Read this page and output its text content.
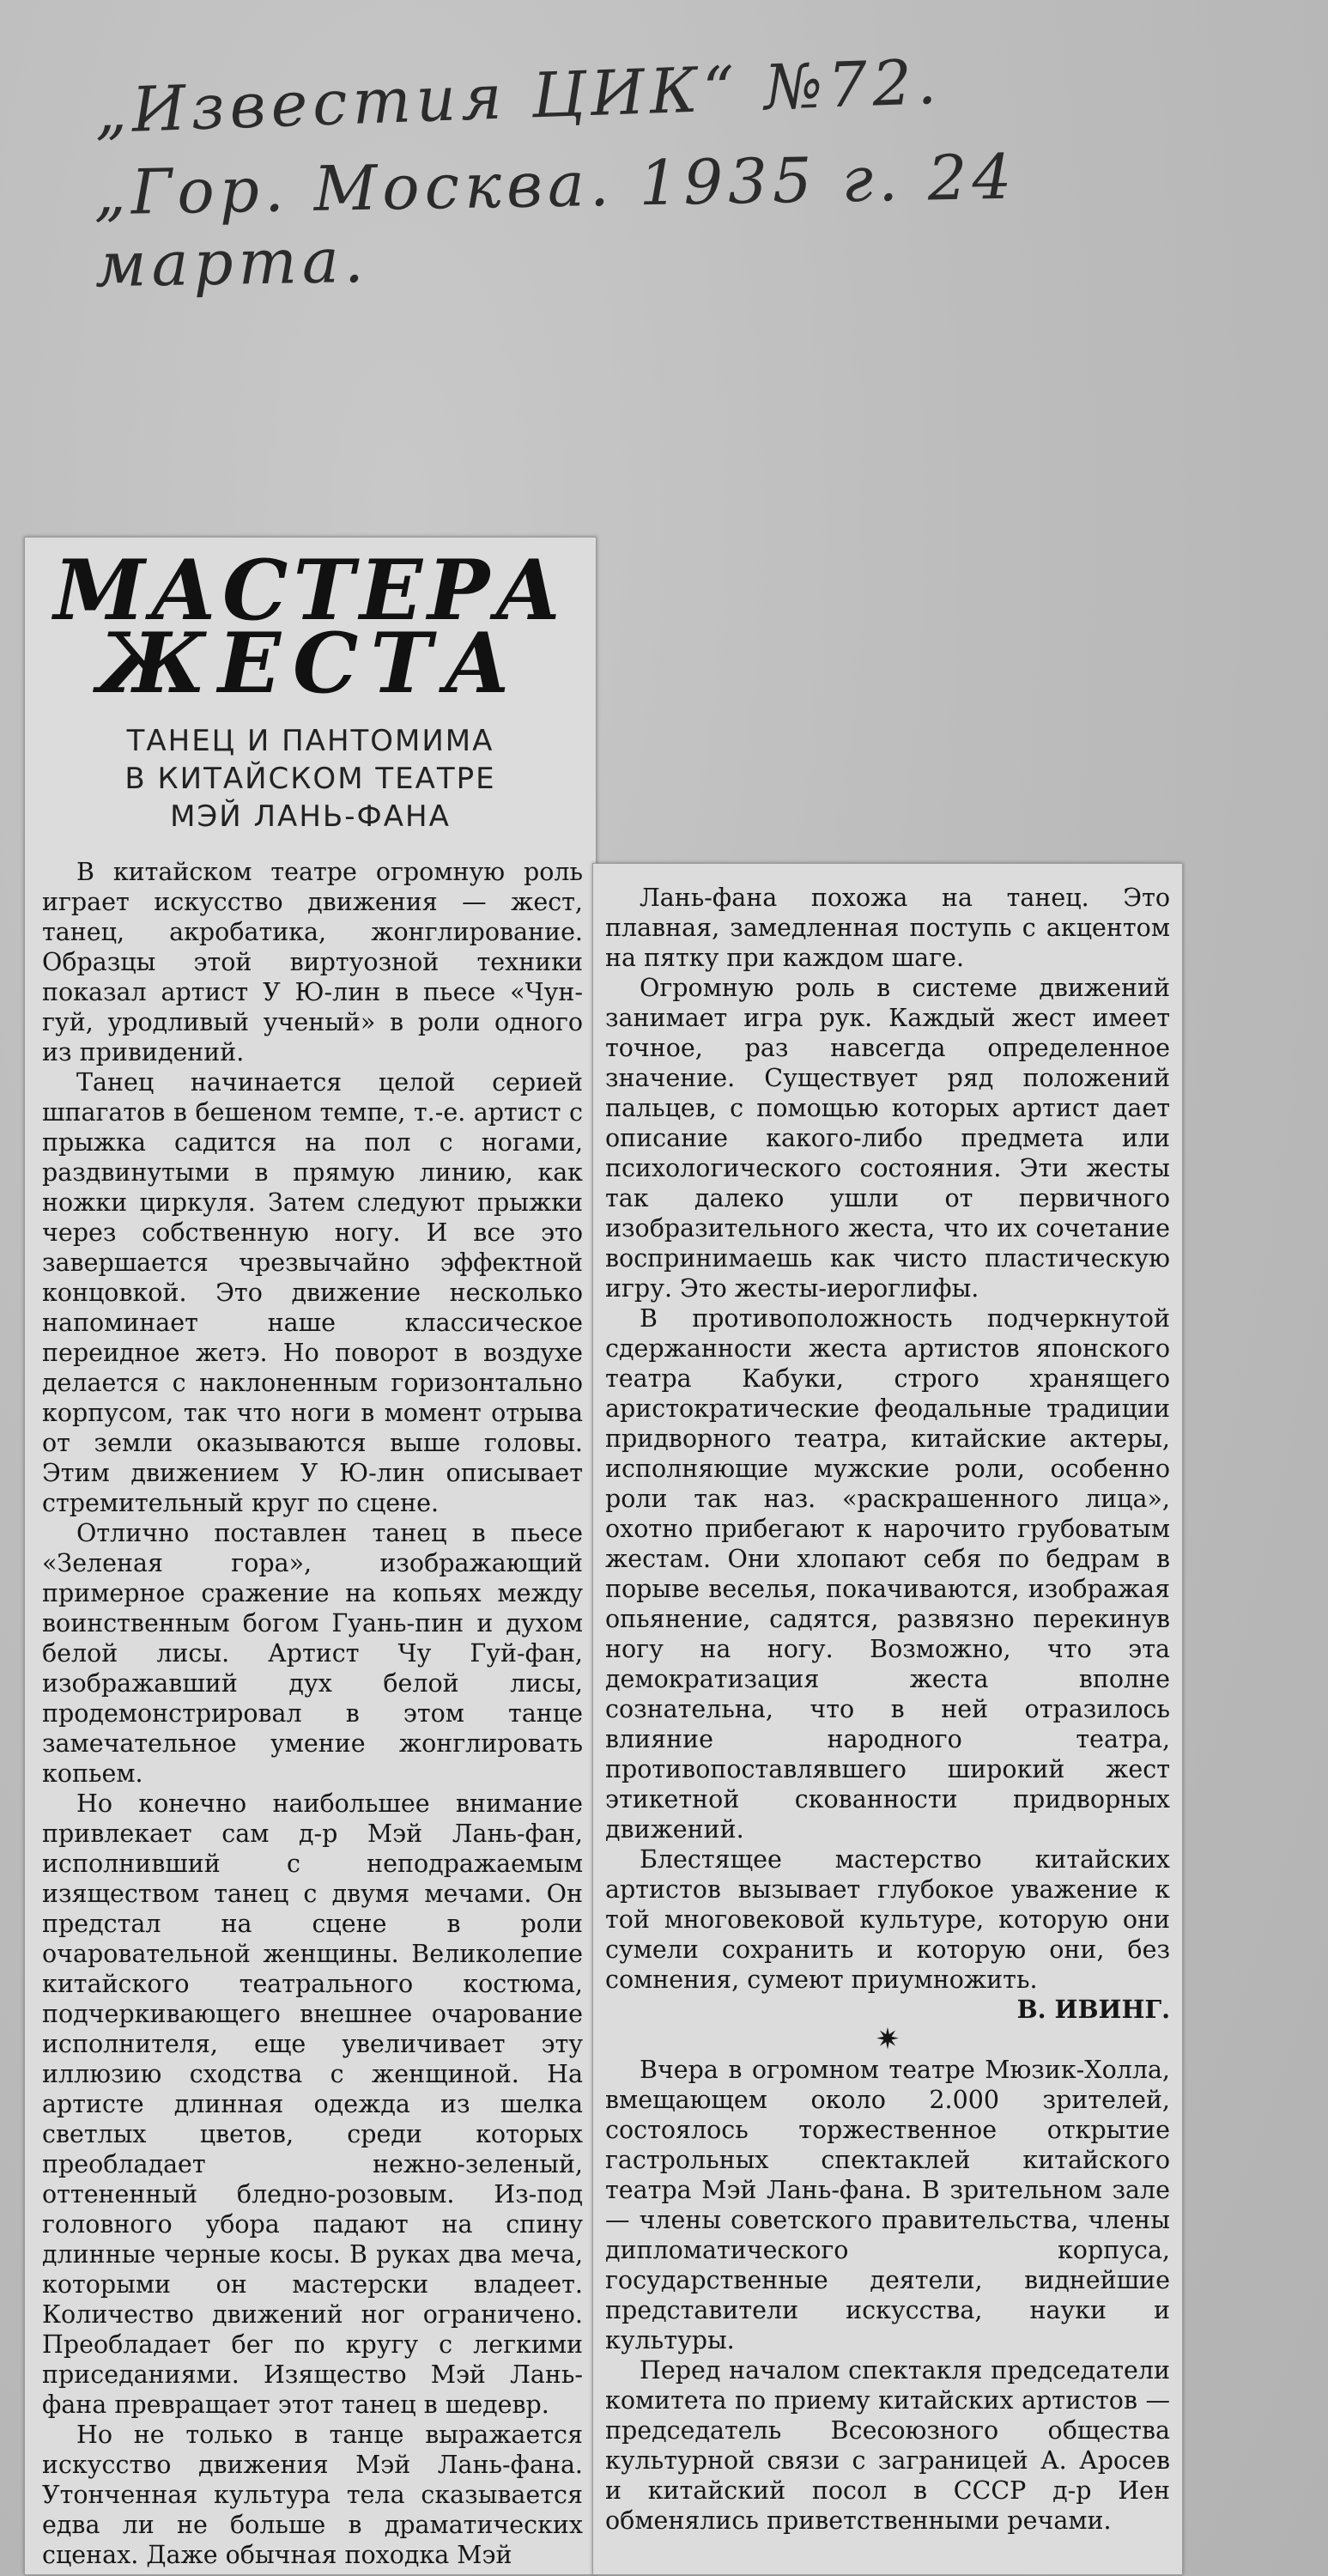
„Известия ЦИК“ №72.
„Гор. Москва. 1935 г. 24 марта.
МАСТЕРА
ЖЕСТА
ТАНЕЦ И ПАНТОМИМА
В КИТАЙСКОМ ТЕАТРЕ
МЭЙ ЛАНЬ-ФАНА

В китайском театре огромную роль играет искусство движения — жест, танец, акробатика, жонглирование. Образцы этой виртуозной техники показал артист У Ю-лин в пьесе «Чун-гуй, уродливый ученый» в роли одного из привидений.

Танец начинается целой серией шпагатов в бешеном темпе, т.-е. артист с прыжка садится на пол с ногами, раздвинутыми в прямую линию, как ножки циркуля. Затем следуют прыжки через собственную ногу. И все это завершается чрезвычайно эффектной концовкой. Это движение несколько напоминает наше классическое переидное жетэ. Но поворот в воздухе делается с наклоненным горизонтально корпусом, так что ноги в момент отрыва от земли оказываются выше головы. Этим движением У Ю-лин описывает стремительный круг по сцене.

Отлично поставлен танец в пьесе «Зеленая гора», изображающий примерное сражение на копьях между воинственным богом Гуань-пин и духом белой лисы. Артист Чу Гуй-фан, изображавший дух белой лисы, продемонстрировал в этом танце замечательное умение жонглировать копьем.

Но конечно наибольшее внимание привлекает сам д-р Мэй Лань-фан, исполнивший с неподражаемым изяществом танец с двумя мечами. Он предстал на сцене в роли очаровательной женщины. Великолепие китайского театрального костюма, подчеркивающего внешнее очарование исполнителя, еще увеличивает эту иллюзию сходства с женщиной. На артисте длинная одежда из шелка светлых цветов, среди которых преобладает нежно-зеленый, оттененный бледно-розовым. Из-под головного убора падают на спину длинные черные косы. В руках два меча, которыми он мастерски владеет. Количество движений ног ограничено. Преобладает бег по кругу с легкими приседаниями. Изящество Мэй Лань-фана превращает этот танец в шедевр.

Но не только в танце выражается искусство движения Мэй Лань-фана. Утонченная культура тела сказывается едва ли не больше в драматических сценах. Даже обычная походка Мэй

Лань-фана похожа на танец. Это плавная, замедленная поступь с акцентом на пятку при каждом шаге.

Огромную роль в системе движений занимает игра рук. Каждый жест имеет точное, раз навсегда определенное значение. Существует ряд положений пальцев, с помощью которых артист дает описание какого-либо предмета или психологического состояния. Эти жесты так далеко ушли от первичного изобразительного жеста, что их сочетание воспринимаешь как чисто пластическую игру. Это жесты-иероглифы.

В противоположность подчеркнутой сдержанности жеста артистов японского театра Кабуки, строго хранящего аристократические феодальные традиции придворного театра, китайские актеры, исполняющие мужские роли, особенно роли так наз. «раскрашенного лица», охотно прибегают к нарочито грубоватым жестам. Они хлопают себя по бедрам в порыве веселья, покачиваются, изображая опьянение, садятся, развязно перекинув ногу на ногу. Возможно, что эта демократизация жеста вполне сознательна, что в ней отразилось влияние народного театра, противопоставлявшего широкий жест этикетной скованности придворных движений.

Блестящее мастерство китайских артистов вызывает глубокое уважение к той многовековой культуре, которую они сумели сохранить и которую они, без сомнения, сумеют приумножить.

В. ИВИНГ.

✷

Вчера в огромном театре Мюзик-Холла, вмещающем около 2.000 зрителей, состоялось торжественное открытие гастрольных спектаклей китайского театра Мэй Лань-фана. В зрительном зале — члены советского правительства, члены дипломатического корпуса, государственные деятели, виднейшие представители искусства, науки и культуры.

Перед началом спектакля председатели комитета по приему китайских артистов — председатель Всесоюзного общества культурной связи с заграницей А. Аросев и китайский посол в СССР д-р Иен обменялись приветственными речами.
